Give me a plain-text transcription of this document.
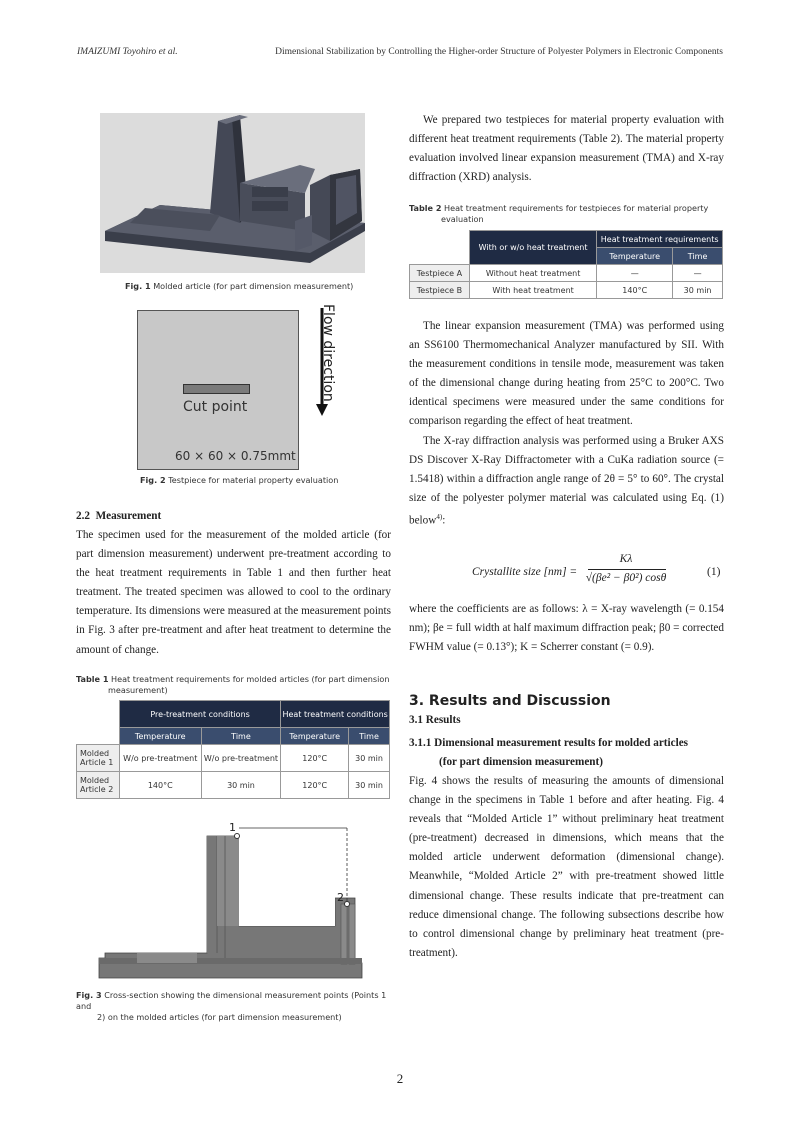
IMAIZUMI Toyohiro et al.	Dimensional Stabilization by Controlling the Higher-order Structure of Polyester Polymers in Electronic Components
Fig. 1 Molded article (for part dimension measurement)
Cut point
60 × 60 × 0.75mmt
Flow direction
Fig. 2 Testpiece for material property evaluation
2.2 Measurement

The specimen used for the measurement of the molded article (for part dimension measurement) underwent pre-treatment according to the heat treatment requirements in Table 1 and then further heat treatment. The treated specimen was allowed to cool to the ordinary temperature. Its dimensions were measured at the measurement points in Fig. 3 after pre-treatment and after heat treatment to determine the amount of change.

Table 1 Heat treatment requirements for molded articles (for part dimension
measurement)
	Pre-treatment conditions		Heat treatment conditions	
	Temperature	Time	Temperature	Time
Molded Article 1	W/o pre-treatment	W/o pre-treatment	120°C	30 min
Molded Article 2	140°C	30 min	120°C	30 min
1
2
Fig. 3 Cross-section showing the dimensional measurement points (Points 1 and
2) on the molded articles (for part dimension measurement)

We prepared two testpieces for material property evaluation with different heat treatment requirements (Table 2). The material property evaluation involved linear expansion measurement (TMA) and X-ray diffraction (XRD) analysis.

Table 2 Heat treatment requirements for testpieces for material property
evaluation
	With or w/o heat treatment	Heat treatment requirements	
		Temperature	Time
Testpiece A	Without heat treatment	—	—
Testpiece B	With heat treatment	140°C	30 min

The linear expansion measurement (TMA) was performed using an SS6100 Thermomechanical Analyzer manufactured by SII. With the measurement conditions in tensile mode, measurement was taken of the dimensional change during heating from 25°C to 200°C. Two identical specimens were measured under the same conditions for comparison regarding the effect of heat treatment.

The X-ray diffraction analysis was performed using a Bruker AXS DS Discover X-Ray Diffractometer with a CuKa radiation source (= 1.5418) within a diffraction angle range of 2θ = 5° to 60°. The crystal size of the polyester polymer material was calculated using Eq. (1) below$^{4)}$:

Crystallite size [nm] =
Kλ
√(βe² − β0²) cosθ	(1)

where the coefficients are as follows: λ = X-ray wavelength (= 0.154 nm); βe = full width at half maximum diffraction peak; β0 = corrected FWHM value (= 0.13°); K = Scherrer constant (= 0.9).

3. Results and Discussion
3.1 Results
3.1.1 Dimensional measurement results for molded articles
(for part dimension measurement)

Fig. 4 shows the results of measuring the amounts of dimensional change in the specimens in Table 1 before and after heating. Fig. 4 reveals that “Molded Article 1” without preliminary heat treatment (pre-treatment) decreased in dimensions, which means that the molded article underwent deformation (dimensional change). Meanwhile, “Molded Article 2” with pre-treatment showed little dimensional change. These results indicate that pre-treatment can reduce dimensional change. The following subsections describe how to control dimensional change by preliminary heat treatment (pre-treatment).

2
